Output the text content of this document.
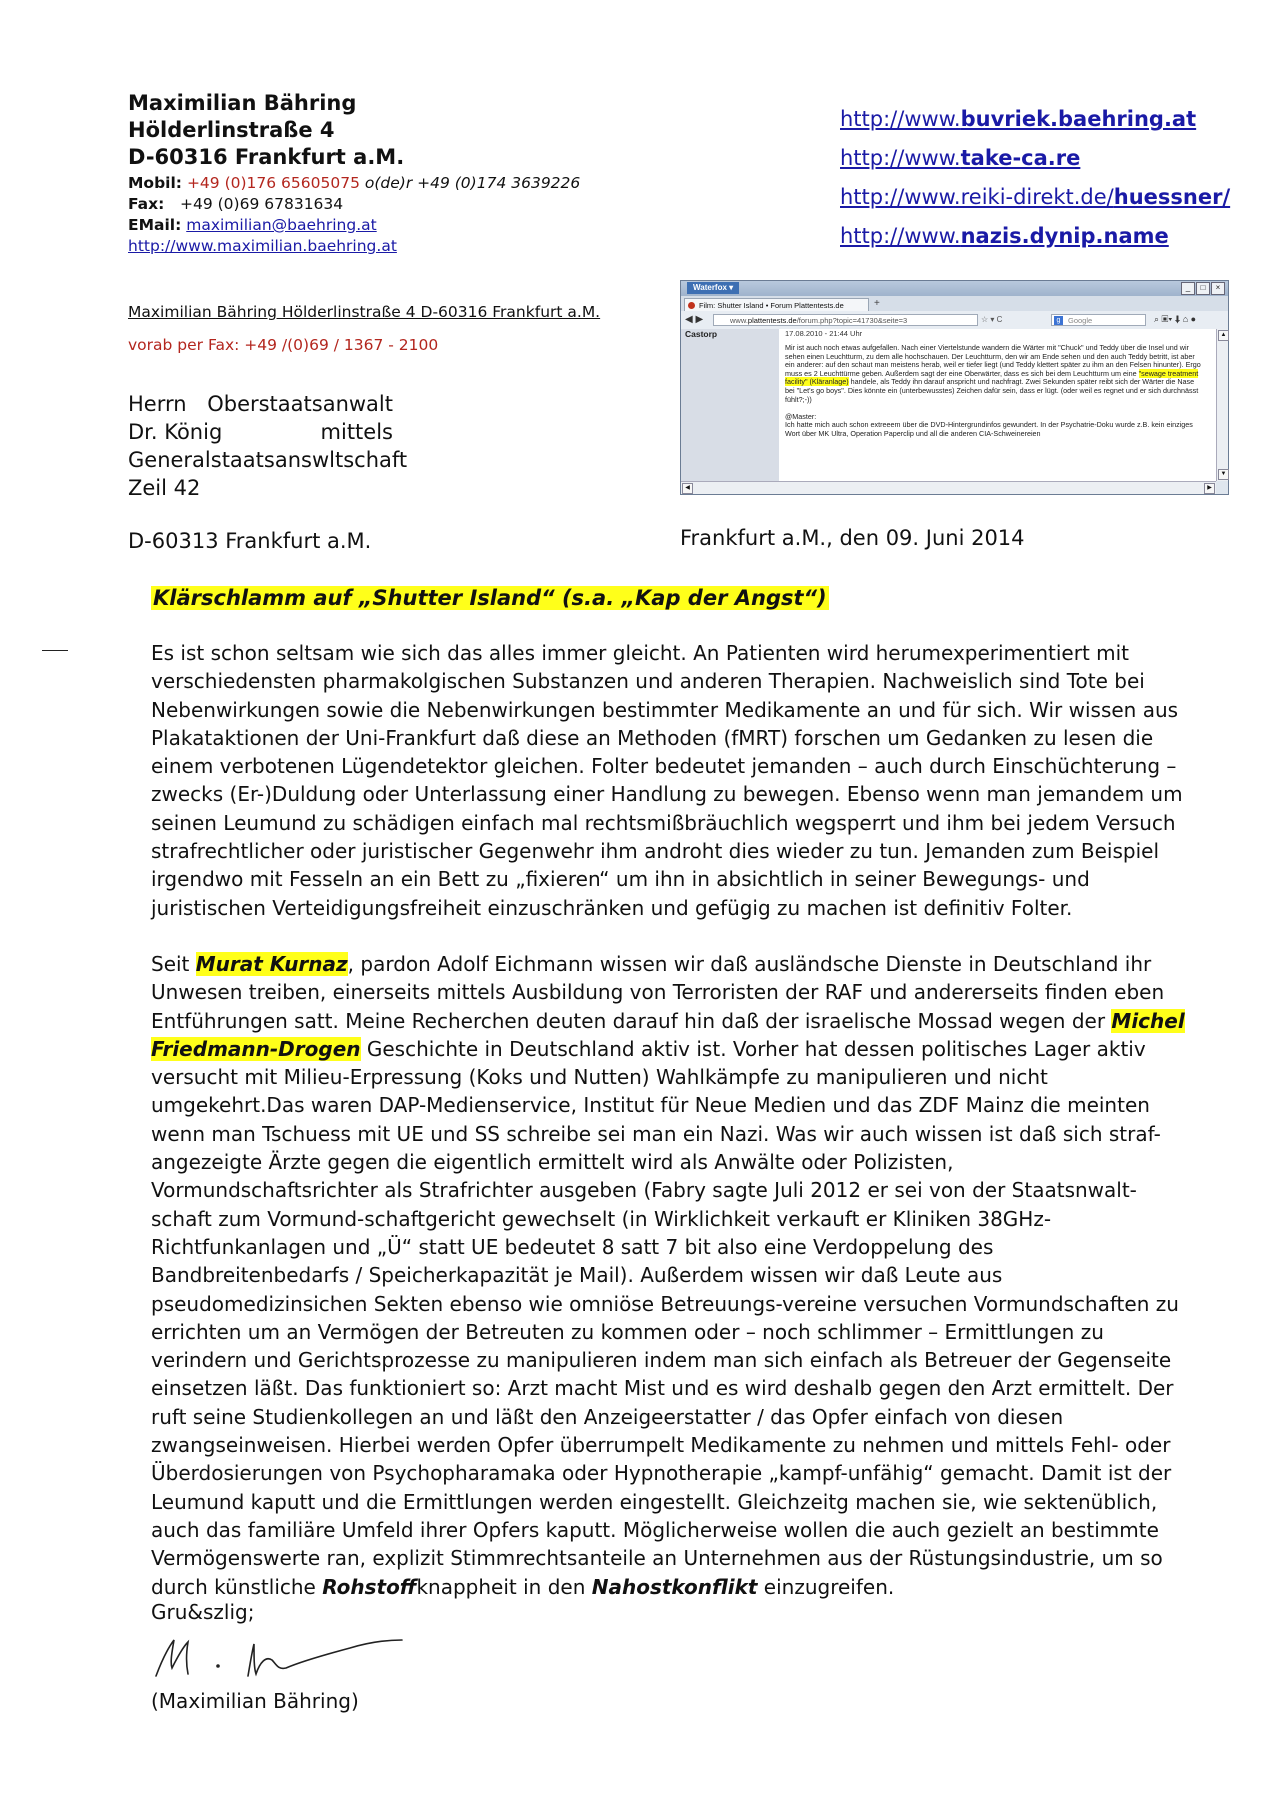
Maximilian Bähring
Hölderlinstraße 4
D-60316 Frankfurt a.M.
Mobil: +49 (0)176 65605075 o(de)r +49 (0)174 3639226
Fax: +49 (0)69 67831634
EMail: maximilian@baehring.at
http://www.maximilian.baehring.at
http://www.buvriek.baehring.at
http://www.take-ca.re
http://www.reiki-direkt.de/huessner/
http://www.nazis.dynip.name
Maximilian Bähring Hölderlinstraße 4 D-60316 Frankfurt a.M.
vorab per Fax: +49 /(0)69 / 1367 - 2100
Herrn Oberstaatsanwalt
Dr. König	mittels
Generalstaatsanswltschaft
Zeil 42
D-60313 Frankfurt a.M.	Frankfurt a.M., den 09. Juni 2014
Waterfox ▾	_	□	×
Film: Shutter Island • Forum Plattentests.de	+
◀ ▶	www.plattentests.de/forum.php?topic=41730&seite=3	☆ ▾ C	g	Google	⌕ ▣▾ ⬇ ⌂ ●
Castorp	17.08.2010 - 21:44 Uhr
Mir ist auch noch etwas aufgefallen. Nach einer Viertelstunde wandern die Wärter mit "Chuck" und Teddy über die Insel und wir sehen einen Leuchtturm, zu dem alle hochschauen. Der Leuchtturm, den wir am Ende sehen und den auch Teddy betritt, ist aber ein anderer: auf den schaut man meistens herab, weil er tiefer liegt (und Teddy klettert später zu ihm an den Felsen hinunter). Ergo muss es 2 Leuchttürme geben. Außerdem sagt der eine Oberwärter, dass es sich bei dem Leuchtturm um eine "sewage treatment facility" (Kläranlage) handele, als Teddy ihn darauf anspricht und nachfragt. Zwei Sekunden später reibt sich der Wärter die Nase bei "Let's go boys". Dies könnte ein (unterbewusstes) Zeichen dafür sein, dass er lügt. (oder weil es regnet und er sich durchnässt fühlt?;-))

@Master:
Ich hatte mich auch schon extreeem über die DVD-Hintergrundinfos gewundert. In der Psychatrie-Doku wurde z.B. kein einziges Wort über MK Ultra, Operation Paperclip und all die anderen CIA-Schweinereien
▲
▼
◀	▶
Klärschlamm auf „Shutter Island“ (s.a. „Kap der Angst“)
Es ist schon seltsam wie sich das alles immer gleicht. An Patienten wird herumexperimentiert mit verschiedensten pharmakolgischen Substanzen und anderen Therapien. Nachweislich sind Tote bei Nebenwirkungen sowie die Nebenwirkungen bestimmter Medikamente an und für sich. Wir wissen aus Plakataktionen der Uni-Frankfurt daß diese an Methoden (fMRT) forschen um Gedanken zu lesen die einem verbotenen Lügendetektor gleichen. Folter bedeutet jemanden – auch durch Einschüchterung – zwecks (Er-)Duldung oder Unterlassung einer Handlung zu bewegen. Ebenso wenn man jemandem um seinen Leumund zu schädigen einfach mal rechtsmißbräuchlich wegsperrt und ihm bei jedem Versuch strafrechtlicher oder juristischer Gegenwehr ihm androht dies wieder zu tun. Jemanden zum Beispiel irgendwo mit Fesseln an ein Bett zu „fixieren“ um ihn in absichtlich in seiner Bewegungs- und juristischen Verteidigungsfreiheit einzuschränken und gefügig zu machen ist definitiv Folter.
Seit Murat Kurnaz, pardon Adolf Eichmann wissen wir daß ausländsche Dienste in Deutschland ihr Unwesen treiben, einerseits mittels Ausbildung von Terroristen der RAF und andererseits finden eben Entführungen satt. Meine Recherchen deuten darauf hin daß der israelische Mossad wegen der Michel Friedmann-Drogen Geschichte in Deutschland aktiv ist. Vorher hat dessen politisches Lager aktiv versucht mit Milieu-Erpressung (Koks und Nutten) Wahlkämpfe zu manipulieren und nicht umgekehrt.Das waren DAP-Medienservice, Institut für Neue Medien und das ZDF Mainz die meinten wenn man Tschuess mit UE und SS schreibe sei man ein Nazi. Was wir auch wissen ist daß sich straf-angezeigte Ärzte gegen die eigentlich ermittelt wird als Anwälte oder Polizisten, Vormundschaftsrichter als Strafrichter ausgeben (Fabry sagte Juli 2012 er sei von der Staatsnwalt-schaft zum Vormund-schaftgericht gewechselt (in Wirklichkeit verkauft er Kliniken 38GHz-Richtfunkanlagen und „Ü“ statt UE bedeutet 8 satt 7 bit also eine Verdoppelung des Bandbreitenbedarfs / Speicherkapazität je Mail). Außerdem wissen wir daß Leute aus pseudomedizinsichen Sekten ebenso wie omniöse Betreuungs-vereine versuchen Vormundschaften zu errichten um an Vermögen der Betreuten zu kommen oder – noch schlimmer – Ermittlungen zu verindern und Gerichtsprozesse zu manipulieren indem man sich einfach als Betreuer der Gegenseite einsetzen läßt. Das funktioniert so: Arzt macht Mist und es wird deshalb gegen den Arzt ermittelt. Der ruft seine Studienkollegen an und läßt den Anzeigeerstatter / das Opfer einfach von diesen zwangseinweisen. Hierbei werden Opfer überrumpelt Medikamente zu nehmen und mittels Fehl- oder Überdosierungen von Psychopharamaka oder Hypnotherapie „kampf-unfähig“ gemacht. Damit ist der Leumund kaputt und die Ermittlungen werden eingestellt. Gleichzeitg machen sie, wie sektenüblich, auch das familiäre Umfeld ihrer Opfers kaputt. Möglicherweise wollen die auch gezielt an bestimmte Vermögenswerte ran, explizit Stimmrechtsanteile an Unternehmen aus der Rüstungsindustrie, um so durch künstliche Rohstoffknappheit in den Nahostkonflikt einzugreifen.
Gru&szlig;
(Maximilian Bähring)
